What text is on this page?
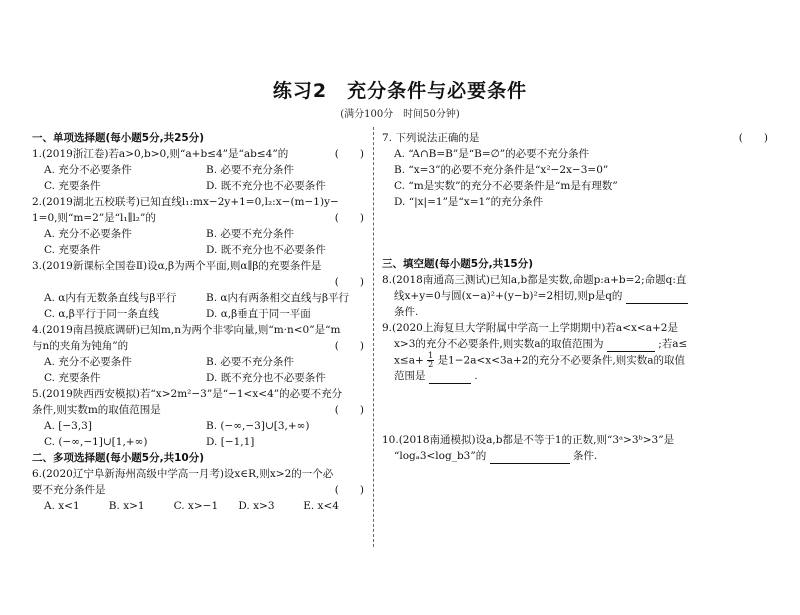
练习2　充分条件与必要条件
(满分100分　时间50分钟)
一、单项选择题(每小题5分,共25分)
1.(2019浙江卷)若a>0,b>0,则“a+b≤4”是“ab≤4”的	(　　)
A. 充分不必要条件	B. 必要不充分条件
C. 充要条件	D. 既不充分也不必要条件
2.(2019湖北五校联考)已知直线l₁:mx−2y+1=0,l₂:x−(m−1)y−
1=0,则“m=2”是“l₁∥l₂”的	(　　)
A. 充分不必要条件	B. 必要不充分条件
C. 充要条件	D. 既不充分也不必要条件
3.(2019新课标全国卷Ⅱ)设α,β为两个平面,则α∥β的充要条件是
(　　)
A. α内有无数条直线与β平行	B. α内有两条相交直线与β平行
C. α,β平行于同一条直线	D. α,β垂直于同一平面
4.(2019南昌摸底调研)已知m,n为两个非零向量,则“m·n<0”是“m
与n的夹角为钝角”的	(　　)
A. 充分不必要条件	B. 必要不充分条件
C. 充要条件	D. 既不充分也不必要条件
5.(2019陕西西安模拟)若“x>2m²−3”是“−1<x<4”的必要不充分
条件,则实数m的取值范围是	(　　)
A. [−3,3]	B. (−∞,−3]∪[3,+∞)
C. (−∞,−1]∪[1,+∞)	D. [−1,1]
二、多项选择题(每小题5分,共10分)
6.(2020辽宁阜新海州高级中学高一月考)设x∈R,则x>2的一个必
要不充分条件是	(　　)
A. x<1	B. x>1	C. x>−1	D. x>3	E. x<4
7. 下列说法正确的是	(　　)
A. “A∩B=B”是“B=∅”的必要不充分条件
B. “x=3”的必要不充分条件是“x²−2x−3=0”
C. “m是实数”的充分不必要条件是“m是有理数”
D. “|x|=1”是“x=1”的充分条件
三、填空题(每小题5分,共15分)
8.(2018南通高三测试)已知a,b都是实数,命题p:a+b=2;命题q:直
线x+y=0与圆(x−a)²+(y−b)²=2相切,则p是q的
条件.
9.(2020上海复旦大学附属中学高一上学期期中)若a<x<a+2是
x>3的充分不必要条件,则实数a的取值范围为	;若a≤
$x\le a+ \frac{1}{2}$ 是1−2a<x<3a+2的充分不必要条件,则实数a的取值
范围是	.
10.(2018南通模拟)设a,b都是不等于1的正数,则“3ᵃ>3ᵇ>3”是
“logₐ3<log_b3”的	条件.
